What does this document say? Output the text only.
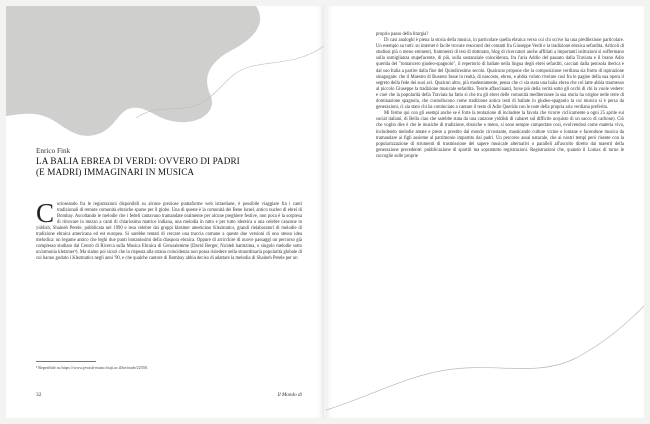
Enrico Fink
LA BALIA EBREA DI VERDI: OVVERO DI PADRI
(E MADRI) IMMAGINARI IN MUSICA
Curioseando fra le registrazioni disponibili su alcune preziose piattaforme web istraeliane, è possibile viaggiare fra i canti tradizionali di remote comunità ebraiche sparse per il globo. Una di queste è la comunità dei Bene Israel, antico nucleo di ebrei di Bombay. Ascoltando le melodie che i fedeli cantavano tramandate oralmente per alcune preghiere festive, non poca è la sorpresa di ritrovare in mezzo a canti di chiarissima matrice indiana, una melodia in tutto e per tutto identica a una celebre canzone in yiddish, Shaineh Perele, pubblicata nel 1990 e resa celebre dai gruppi klezmer americano Klezmatics, grandi rielaboratori di melodie di tradizione ebraica americana ed est europea. Si sarebbe tentati di cercare una traccia comune a queste due versioni di uno stesso idea melodica: un legame antico che leghi due punti lontanissimi della diaspora ebraica. Oppure di arricchire di nuove passaggi un percorso già complesso studiato dal Centro di Ricerca sulla Musica Ebraica di Gerusalemme (David Berger, Na'aleh hamtzima, o singolo melodie sotto un'armonia kletzmer¹). Ma siamo poi sicuri che la risposta alla strana coincidenza non possa risiedere nella straordinaria popolarità globale di cui hanno goduto i Klezmatics negli anni '90, e che qualche cantore di Bombay abbia deciso di adattare la melodia di Shaineh Perele per un
¹ Reperibile su https://www.jewish-music.huji.ac.il/he/node/22550.
32	Il Mondo di

proprio passo della liturgia?

Di casi analoghi è piena la storia della musica, in particolare quella ebraica verso cui chi scrive ha una predilezione particolare. Un esempio su tutti: su internet è facile trovare resoconti dei contatti fra Giuseppe Verdi e la tradizione ebraica sefardita. Articoli di studiosi più o meno eminenti, frammenti di tesi di dottorato, blog di ricercatori anche affiliati a importanti istituzioni si soffermano sulla somiglianza stupefacente, di più, sulla sostanziale coincidenza, fra l'aria Addio del passato dalla Traviata e il brano Adio querida del "romancero giudeo-spagnolo", il repertorio di ballate nella lingua degli ebrei sefarditi, cacciati dalla penisola iberica e dal suo Italia a partire dalla fine del Quindicesimo secolo. Qualcuno propone che la composizione verdiana sia frutto di ispirazione sinagogale: che il Maestro di Busseto fosse in realtà, di nascosto, ebreo, e abbia voluto rivelare così fra le pagine della sua opera il segreto della fede dei suoi avi. Qualcun altro, più modestamente, pensa che ci sia stata una balia ebrea che col latte abbia trasmesso al piccolo Giuseppe la tradizione musicale sefardita. Teorie affascinanti, forse più della verità sotto gli occhi di chi la vuole vedere: e cioè che la popolarità della Traviata ha fatto sì che tra gli ebrei delle comunità mediterranee la sua storia ha origine nelle terre di dominazione spagnola, che custodiscono come tradizione antica testi di ballate in giudeo-spagnolo la cui musica si è persa da generazioni, ci sia stato chi ha cominciato a cantare il testo di Adio Querida con le note della propria aria verdiana preferita.

Mi fermo qui con gli esempi anche se è forte la tentazione di includere la favola che ricorre ciclicamente a ogni 25 aprile sui social italiani, di Bella ciao che sarebbe stata da una canzone yiddish di cabaret sul difficile acquisto di un sacco di carbone). Ciò che voglio dire è che le musiche di tradizione, ebraiche o meno, si sono sempre comportate così, evolvendosi come materia viva, includendo melodie amate e prese a prestito dal mondo circostante, masticando culture vicine e lontane e facendone musica da tramandare ai figli assieme al patrimonio impartito dai padri. Un percorso assai naturale, che ai nostri tempi però risente con la popolarizzazione di strumenti di trasmissione del sapere musicale alternativi o paralleli all'ascolto diretto dai maestri della generazione precedente: pubblicazione di spartiti ma soprattutto registrazioni. Registrazioni che, quando il Lomax di turno le raccoglie sulle proprie
